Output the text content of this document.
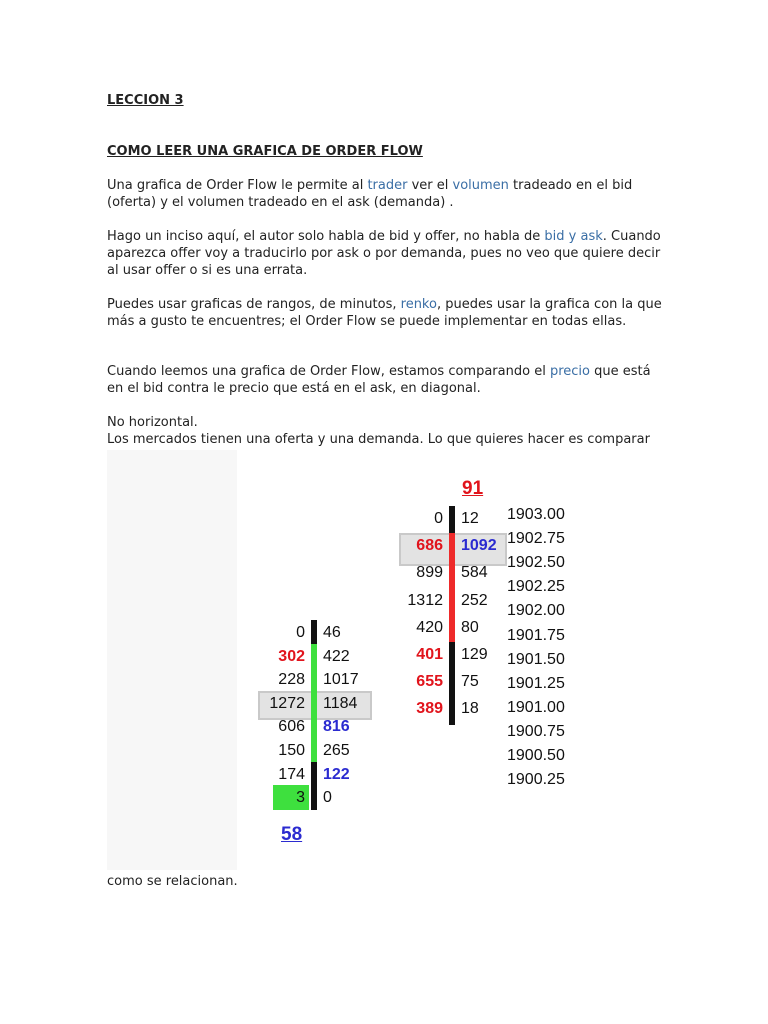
LECCION 3
COMO LEER UNA GRAFICA DE ORDER FLOW
Una grafica de Order Flow le permite al trader ver el volumen tradeado en el bid (oferta) y el volumen tradeado en el ask (demanda) .
Hago un inciso aquí, el autor solo habla de bid y offer, no habla de bid y ask. Cuando aparezca offer voy a traducirlo por ask o por demanda, pues no veo que quiere decir al usar offer o si es una errata.
Puedes usar graficas de rangos, de minutos, renko, puedes usar la grafica con la que más a gusto te encuentres; el Order Flow se puede implementar en todas ellas.
Cuando leemos una grafica de Order Flow, estamos comparando el precio que está en el bid contra le precio que está en el ask, en diagonal.
No horizontal.
Los mercados tienen una oferta y una demanda. Lo que quieres hacer es comparar
0 46
302 422
228 1017
1272 1184
606 816
150 265
174 122
3 0
0 12
686 1092
899 584
1312 252
420 80
401 129
655 75
389 18
91
58
1903.00
1902.75
1902.50
1902.25
1902.00
1901.75
1901.50
1901.25
1901.00
1900.75
1900.50
1900.25
como se relacionan.
